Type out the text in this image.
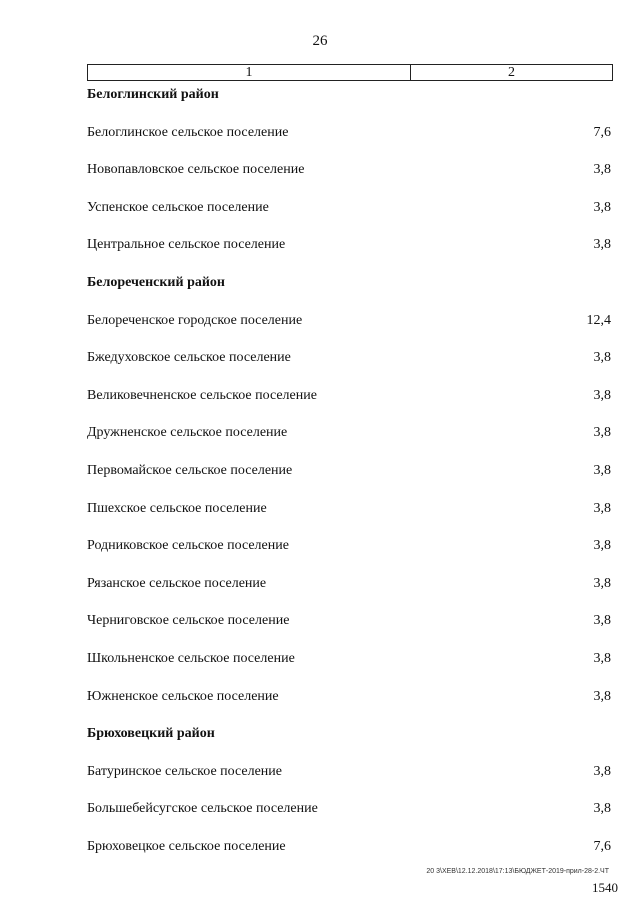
26
1	2
Белоглинский район
Белоглинское сельское поселение	7,6
Новопавловское сельское поселение	3,8
Успенское сельское поселение	3,8
Центральное сельское поселение	3,8
Белореченский район
Белореченское городское поселение	12,4
Бжедуховское сельское поселение	3,8
Великовечненское сельское поселение	3,8
Дружненское сельское поселение	3,8
Первомайское сельское поселение	3,8
Пшехское сельское поселение	3,8
Родниковское сельское поселение	3,8
Рязанское сельское поселение	3,8
Черниговское сельское поселение	3,8
Школьненское сельское поселение	3,8
Южненское сельское поселение	3,8
Брюховецкий район
Батуринское сельское поселение	3,8
Большебейсугское сельское поселение	3,8
Брюховецкое сельское поселение	7,6
20 3\ХЕВ\12.12.2018\17:13\БЮДЖЕТ-2019-прил-28-2.ЧТ
1540
